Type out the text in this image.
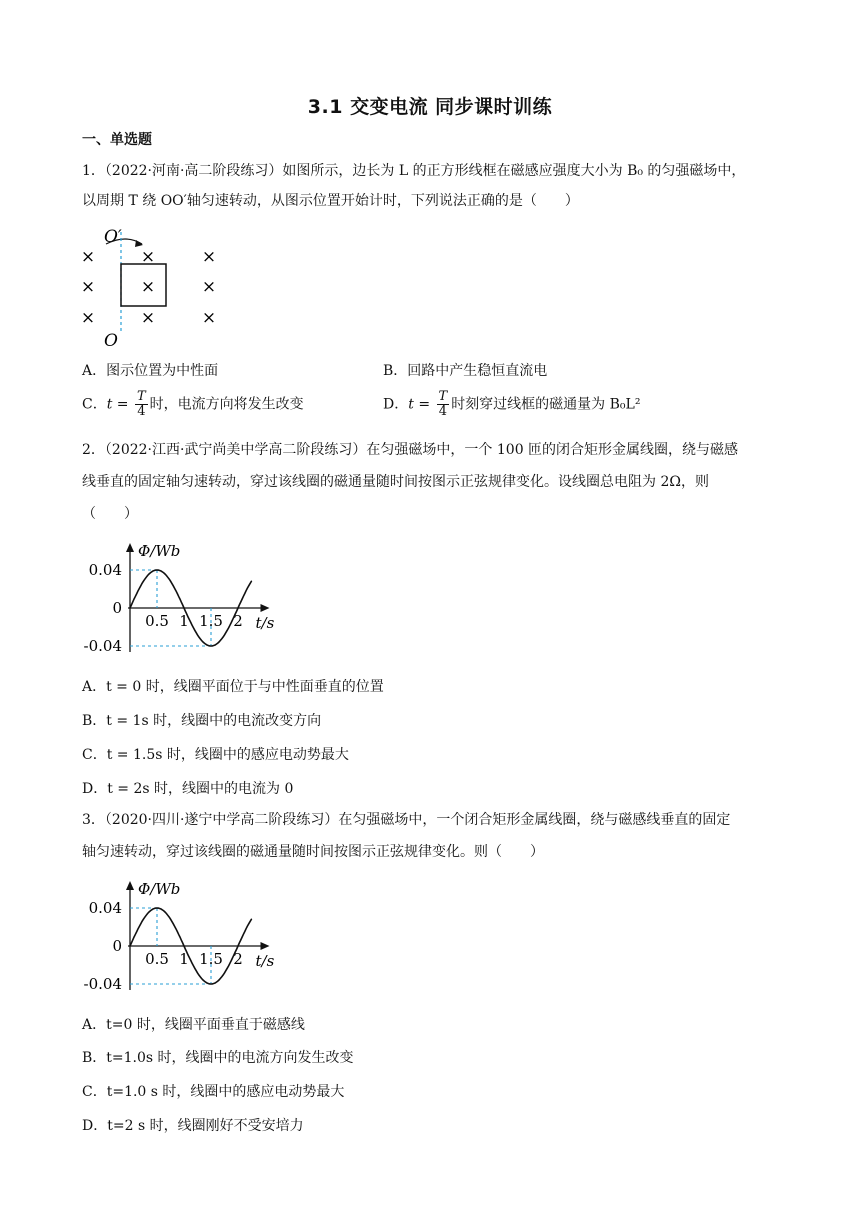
3.1 交变电流 同步课时训练
一、单选题
1．（2022·河南·高二阶段练习）如图所示，边长为 L 的正方形线框在磁感应强度大小为 B₀ 的匀强磁场中，
以周期 T 绕 OO′轴匀速转动，从图示位置开始计时，下列说法正确的是（　　）
O′
O
×	×	×
×	×	×
×	×	×
A．图示位置为中性面	B．回路中产生稳恒直流电
C．$t = \frac{T}{4}$ 时，电流方向将发生改变	D．$t = \frac{T}{4}$ 时刻穿过线框的磁通量为 B₀L²
2．（2022·江西·武宁尚美中学高二阶段练习）在匀强磁场中，一个 100 匝的闭合矩形金属线圈，绕与磁感
线垂直的固定轴匀速转动，穿过该线圈的磁通量随时间按图示正弦规律变化。设线圈总电阻为 2Ω，则
（　　）
Φ/Wb
t/s
0.04
0
-0.04
0.5 1 1.5 2
A．t = 0 时，线圈平面位于与中性面垂直的位置
B．t = 1s 时，线圈中的电流改变方向
C．t = 1.5s 时，线圈中的感应电动势最大
D．t = 2s 时，线圈中的电流为 0
3．（2020·四川·遂宁中学高二阶段练习）在匀强磁场中，一个闭合矩形金属线圈，绕与磁感线垂直的固定
轴匀速转动，穿过该线圈的磁通量随时间按图示正弦规律变化。则（　　）
Φ/Wb
t/s
0.04
0
-0.04
0.5 1 1.5 2
A．t=0 时，线圈平面垂直于磁感线
B．t=1.0s 时，线圈中的电流方向发生改变
C．t=1.0 s 时，线圈中的感应电动势最大
D．t=2 s 时，线圈刚好不受安培力
